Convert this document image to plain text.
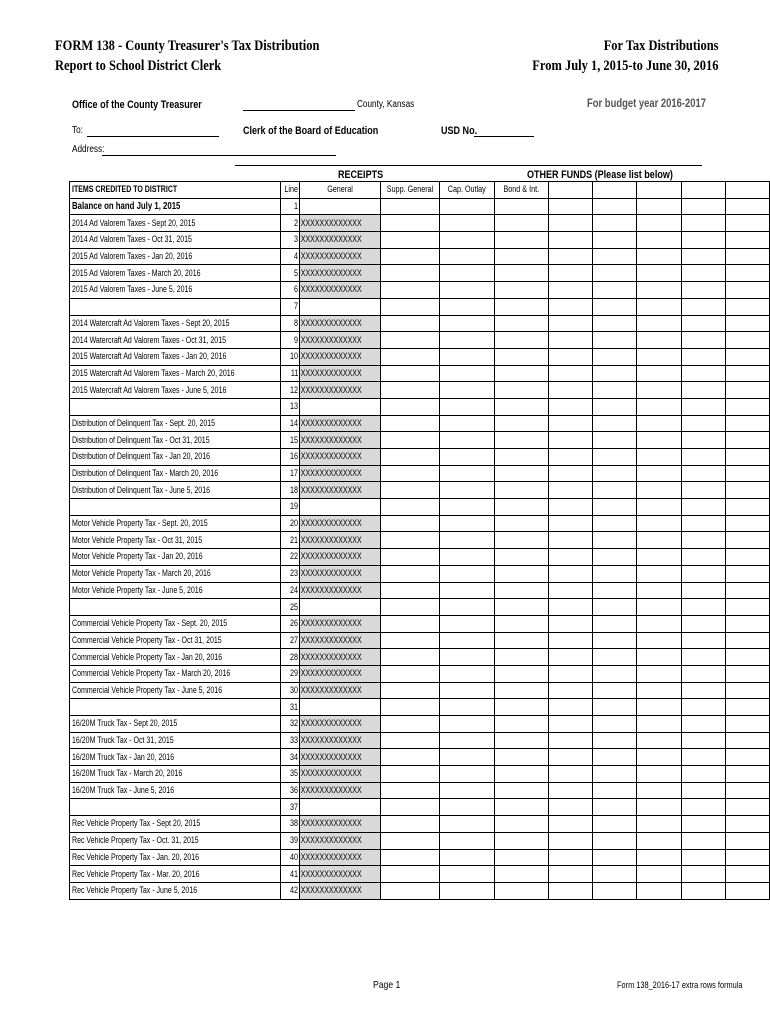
FORM 138 - County Treasurer's Tax Distribution
Report to School District Clerk
For Tax Distributions
From July 1, 2015-to June 30, 2016
Office of the County Treasurer	County, Kansas	For budget year 2016-2017
To:	Clerk of the Board of Education	USD No.
Address:
RECEIPTS	OTHER FUNDS (Please list below)
ITEMS CREDITED TO DISTRICT	Line	General	Supp. General	Cap. Outlay	Bond & Int.					
Balance on hand July 1, 2015	1									
2014 Ad Valorem Taxes - Sept 20, 2015	2	XXXXXXXXXXXXX								
2014 Ad Valorem Taxes - Oct 31, 2015	3	XXXXXXXXXXXXX								
2015 Ad Valorem Taxes - Jan 20, 2016	4	XXXXXXXXXXXXX								
2015 Ad Valorem Taxes - March 20, 2016	5	XXXXXXXXXXXXX								
2015 Ad Valorem Taxes - June 5, 2016	6	XXXXXXXXXXXXX								
	7									
2014 Watercraft Ad Valorem Taxes - Sept 20, 2015	8	XXXXXXXXXXXXX								
2014 Watercraft Ad Valorem Taxes - Oct 31, 2015	9	XXXXXXXXXXXXX								
2015 Watercraft Ad Valorem Taxes - Jan 20, 2016	10	XXXXXXXXXXXXX								
2015 Watercraft Ad Valorem Taxes - March 20, 2016	11	XXXXXXXXXXXXX								
2015 Watercraft Ad Valorem Taxes - June 5, 2016	12	XXXXXXXXXXXXX								
	13									
Distribution of Delinquent Tax - Sept. 20, 2015	14	XXXXXXXXXXXXX								
Distribution of Delinquent Tax - Oct 31, 2015	15	XXXXXXXXXXXXX								
Distribution of Delinquent Tax - Jan 20, 2016	16	XXXXXXXXXXXXX								
Distribution of Delinquent Tax - March 20, 2016	17	XXXXXXXXXXXXX								
Distribution of Delinquent Tax - June 5, 2016	18	XXXXXXXXXXXXX								
	19									
Motor Vehicle Property Tax - Sept. 20, 2015	20	XXXXXXXXXXXXX								
Motor Vehicle Property Tax - Oct 31, 2015	21	XXXXXXXXXXXXX								
Motor Vehicle Property Tax - Jan 20, 2016	22	XXXXXXXXXXXXX								
Motor Vehicle Property Tax - March 20, 2016	23	XXXXXXXXXXXXX								
Motor Vehicle Property Tax - June 5, 2016	24	XXXXXXXXXXXXX								
	25									
Commercial Vehicle Property Tax - Sept. 20, 2015	26	XXXXXXXXXXXXX								
Commercial Vehicle Property Tax - Oct 31, 2015	27	XXXXXXXXXXXXX								
Commercial Vehicle Property Tax - Jan 20, 2016	28	XXXXXXXXXXXXX								
Commercial Vehicle Property Tax - March 20, 2016	29	XXXXXXXXXXXXX								
Commercial Vehicle Property Tax - June 5, 2016	30	XXXXXXXXXXXXX								
	31									
16/20M Truck Tax - Sept 20, 2015	32	XXXXXXXXXXXXX								
16/20M Truck Tax - Oct 31, 2015	33	XXXXXXXXXXXXX								
16/20M Truck Tax - Jan 20, 2016	34	XXXXXXXXXXXXX								
16/20M Truck Tax - March 20, 2016	35	XXXXXXXXXXXXX								
16/20M Truck Tax - June 5, 2016	36	XXXXXXXXXXXXX								
	37									
Rec Vehicle Property Tax - Sept 20, 2015	38	XXXXXXXXXXXXX								
Rec Vehicle Property Tax - Oct. 31, 2015	39	XXXXXXXXXXXXX								
Rec Vehicle Property Tax - Jan. 20, 2016	40	XXXXXXXXXXXXX								
Rec Vehicle Property Tax - Mar. 20, 2016	41	XXXXXXXXXXXXX								
Rec Vehicle Property Tax - June 5, 2016	42	XXXXXXXXXXXXX								
Page 1	Form 138_2016-17 extra rows formula
